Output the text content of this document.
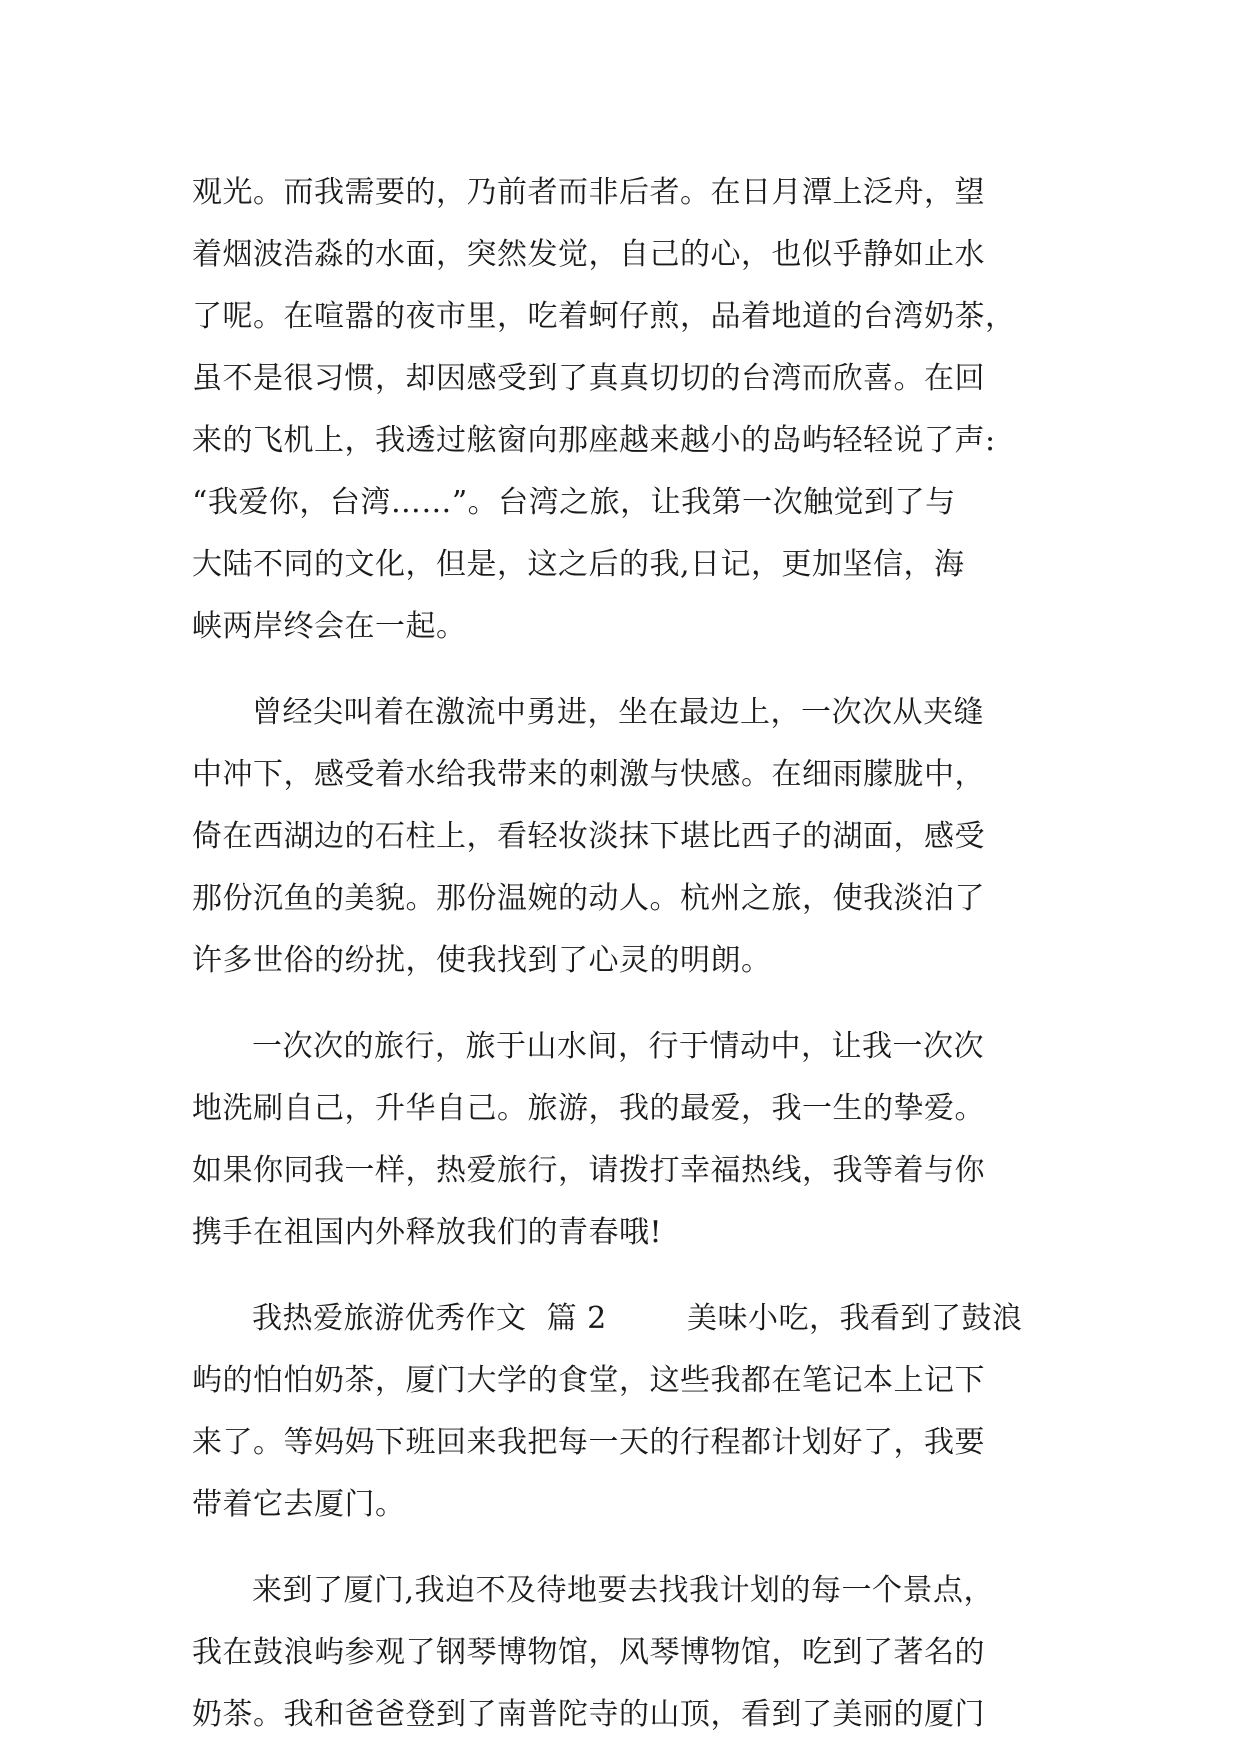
观光。而我需要的，乃前者而非后者。在日月潭上泛舟，望
着烟波浩淼的水面，突然发觉，自己的心，也似乎静如止水
了呢。在喧嚣的夜市里，吃着蚵仔煎，品着地道的台湾奶茶，
虽不是很习惯，却因感受到了真真切切的台湾而欣喜。在回
来的飞机上，我透过舷窗向那座越来越小的岛屿轻轻说了声:
“我爱你，台湾……”。台湾之旅，让我第一次触觉到了与
大陆不同的文化，但是，这之后的我,日记，更加坚信，海
峡两岸终会在一起。
曾经尖叫着在激流中勇进，坐在最边上，一次次从夹缝
中冲下，感受着水给我带来的刺激与快感。在细雨朦胧中，
倚在西湖边的石柱上，看轻妆淡抹下堪比西子的湖面，感受
那份沉鱼的美貌。那份温婉的动人。杭州之旅，使我淡泊了
许多世俗的纷扰，使我找到了心灵的明朗。
一次次的旅行，旅于山水间，行于情动中，让我一次次
地洗刷自己，升华自己。旅游，我的最爱，我一生的挚爱。
如果你同我一样，热爱旅行，请拨打幸福热线，我等着与你
携手在祖国内外释放我们的青春哦!
我热爱旅游优秀作文  篇 2        美味小吃，我看到了鼓浪
屿的怕怕奶茶，厦门大学的食堂，这些我都在笔记本上记下
来了。等妈妈下班回来我把每一天的行程都计划好了，我要
带着它去厦门。
来到了厦门,我迫不及待地要去找我计划的每一个景点，
我在鼓浪屿参观了钢琴博物馆，风琴博物馆，吃到了著名的
奶茶。我和爸爸登到了南普陀寺的山顶，看到了美丽的厦门
